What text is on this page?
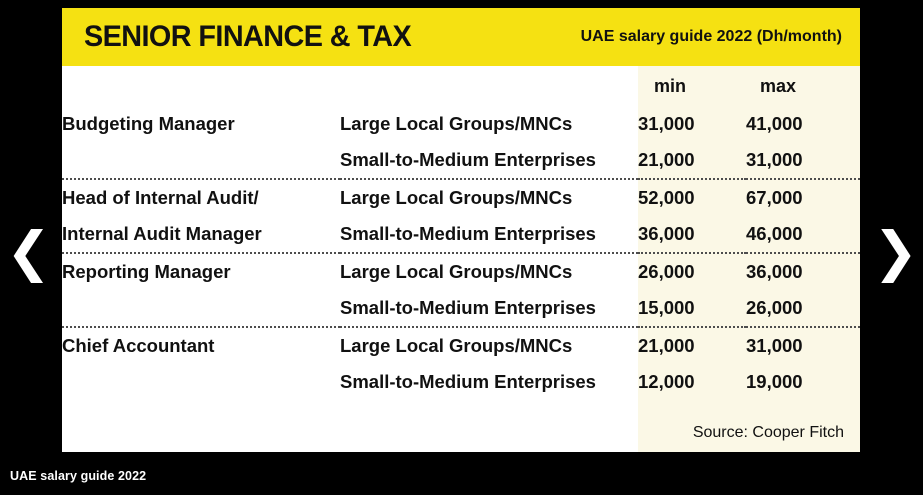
❮	❯
SENIOR FINANCE & TAX	UAE salary guide 2022 (Dh/month)
		min	max
Budgeting Manager	Large Local Groups/MNCs	31,000	41,000
	Small-to-Medium Enterprises	21,000	31,000
Head of Internal Audit/	Large Local Groups/MNCs	52,000	67,000
Internal Audit Manager	Small-to-Medium Enterprises	36,000	46,000
Reporting Manager	Large Local Groups/MNCs	26,000	36,000
	Small-to-Medium Enterprises	15,000	26,000
Chief Accountant	Large Local Groups/MNCs	21,000	31,000
	Small-to-Medium Enterprises	12,000	19,000
Source: Cooper Fitch
UAE salary guide 2022
